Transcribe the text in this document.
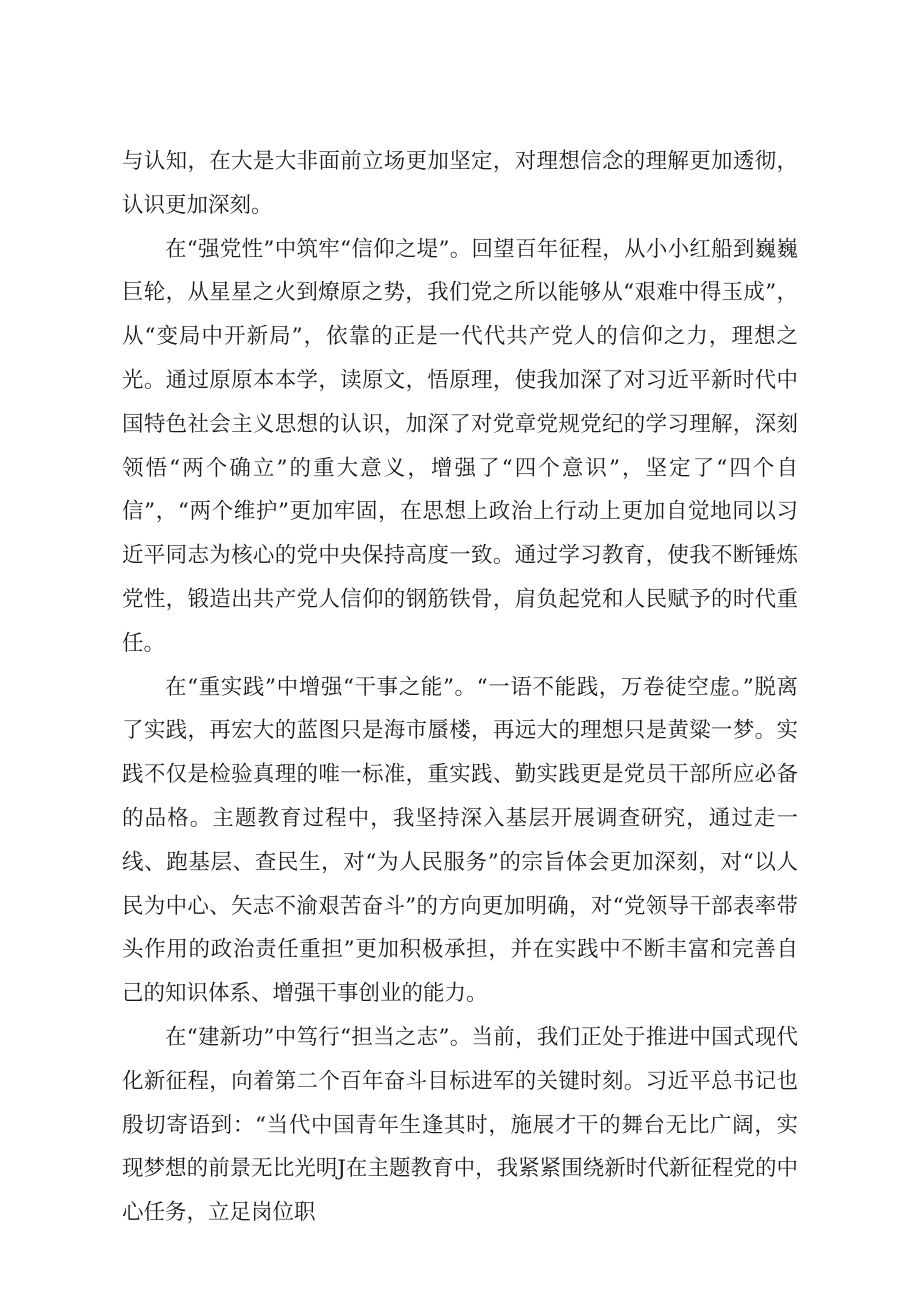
与认知，在大是大非面前立场更加坚定，对理想信念的理解更加透彻，认识更加深刻。

在“强党性”中筑牢“信仰之堤”。回望百年征程，从小小红船到巍巍巨轮，从星星之火到燎原之势，我们党之所以能够从“艰难中得玉成”，从“变局中开新局”，依靠的正是一代代共产党人的信仰之力，理想之光。通过原原本本学，读原文，悟原理，使我加深了对习近平新时代中国特色社会主义思想的认识，加深了对党章党规党纪的学习理解，深刻领悟“两个确立”的重大意义，增强了“四个意识”，坚定了“四个自信”，“两个维护”更加牢固，在思想上政治上行动上更加自觉地同以习近平同志为核心的党中央保持高度一致。通过学习教育，使我不断锤炼党性，锻造出共产党人信仰的钢筋铁骨，肩负起党和人民赋予的时代重任。

在“重实践”中增强“干事之能”。“一语不能践，万卷徒空虚。”脱离了实践，再宏大的蓝图只是海市蜃楼，再远大的理想只是黄粱一梦。实践不仅是检验真理的唯一标准，重实践、勤实践更是党员干部所应必备的品格。主题教育过程中，我坚持深入基层开展调查研究，通过走一线、跑基层、查民生，对“为人民服务”的宗旨体会更加深刻，对“以人民为中心、矢志不渝艰苦奋斗”的方向更加明确，对“党领导干部表率带头作用的政治责任重担”更加积极承担，并在实践中不断丰富和完善自己的知识体系、增强干事创业的能力。

在“建新功”中笃行“担当之志”。当前，我们正处于推进中国式现代化新征程，向着第二个百年奋斗目标进军的关键时刻。习近平总书记也殷切寄语到：“当代中国青年生逢其时，施展才干的舞台无比广阔，实现梦想的前景无比光明J在主题教育中，我紧紧围绕新时代新征程党的中心任务，立足岗位职
